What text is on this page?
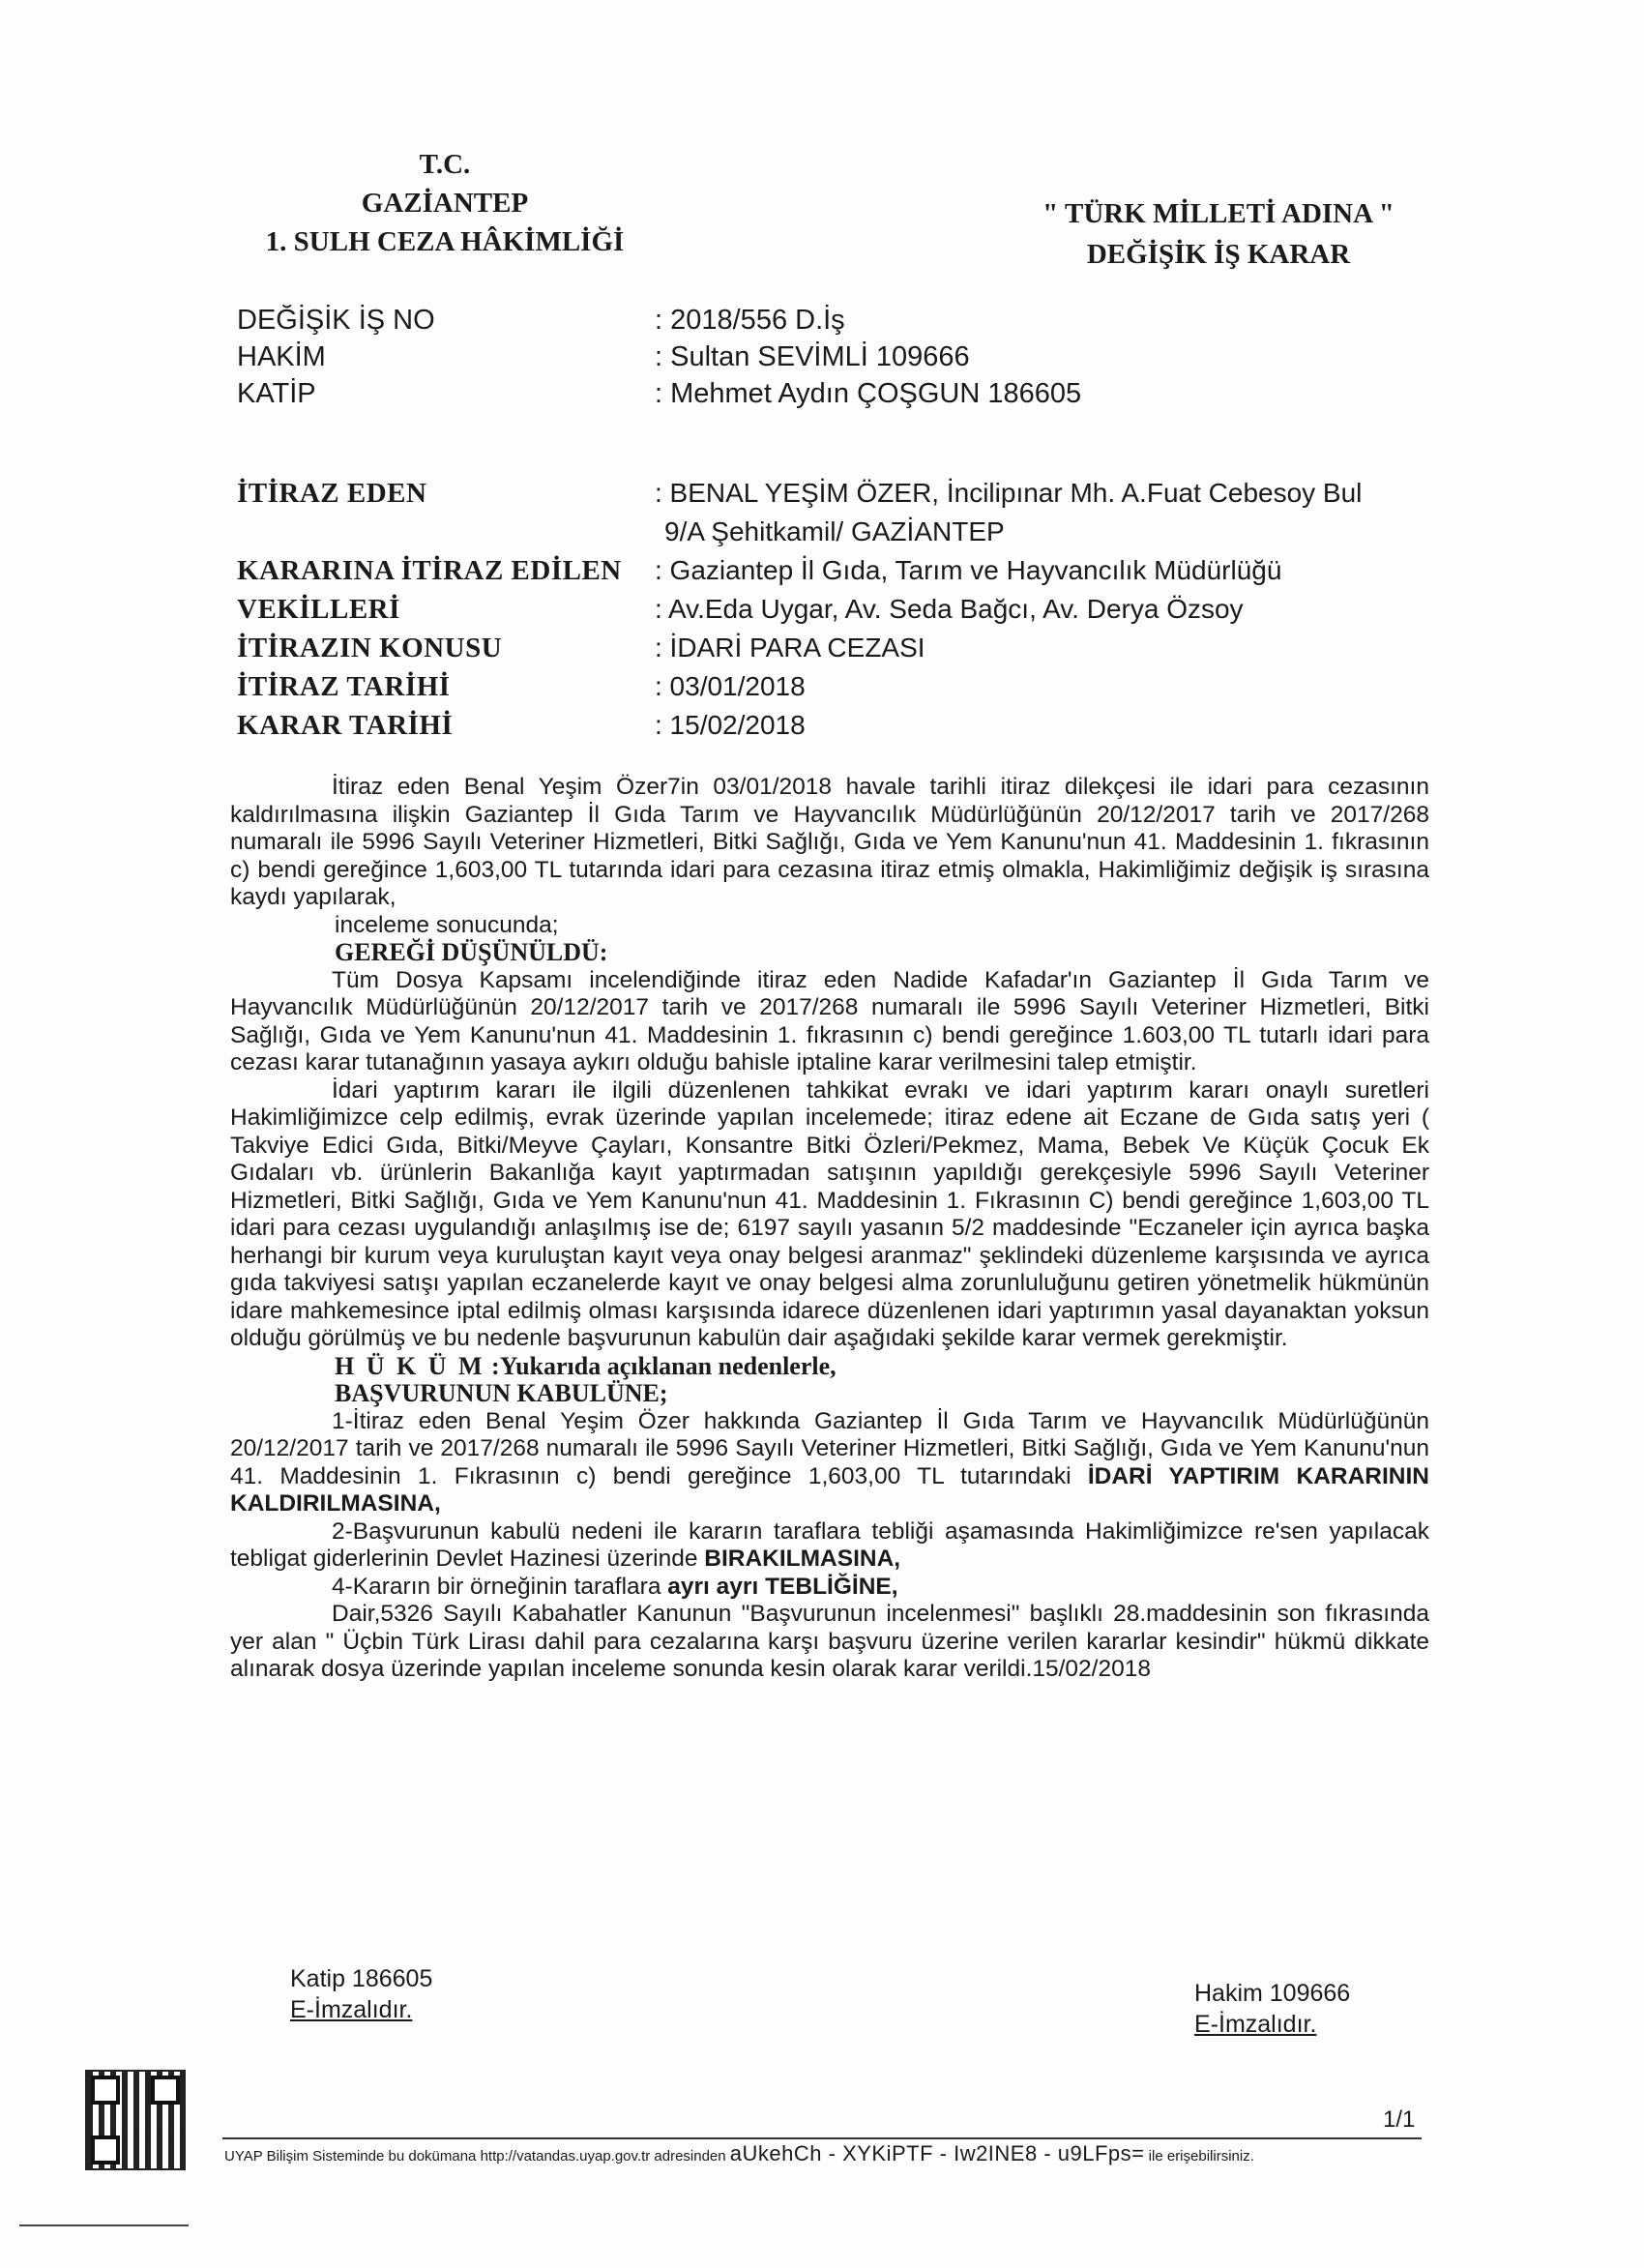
T.C.
GAZİANTEP
1. SULH CEZA HÂKİMLİĞİ
" TÜRK MİLLETİ ADINA "
DEĞİŞİK İŞ KARAR
DEĞİŞİK İŞ NO	: 2018/556 D.İş
HAKİM	: Sultan SEVİMLİ 109666
KATİP	: Mehmet Aydın ÇOŞGUN 186605
İTİRAZ EDEN	: BENAL YEŞİM ÖZER, İncilipınar Mh. A.Fuat Cebesoy Bul
9/A Şehitkamil/ GAZİANTEP
KARARINA İTİRAZ EDİLEN	: Gaziantep İl Gıda, Tarım ve Hayvancılık Müdürlüğü
VEKİLLERİ	: Av.Eda Uygar, Av. Seda Bağcı, Av. Derya Özsoy
İTİRAZIN KONUSU	: İDARİ PARA CEZASI
İTİRAZ TARİHİ	: 03/01/2018
KARAR TARİHİ	: 15/02/2018

İtiraz eden Benal Yeşim Özer7in 03/01/2018 havale tarihli itiraz dilekçesi ile idari para cezasının kaldırılmasına ilişkin Gaziantep İl Gıda Tarım ve Hayvancılık Müdürlüğünün 20/12/2017 tarih ve 2017/268 numaralı ile 5996 Sayılı Veteriner Hizmetleri, Bitki Sağlığı, Gıda ve Yem Kanunu'nun 41. Maddesinin 1. fıkrasının c) bendi gereğince 1,603,00 TL tutarında idari para cezasına itiraz etmiş olmakla, Hakimliğimiz değişik iş sırasına kaydı yapılarak,

inceleme sonucunda;

GEREĞİ DÜŞÜNÜLDÜ:

Tüm Dosya Kapsamı incelendiğinde itiraz eden Nadide Kafadar'ın Gaziantep İl Gıda Tarım ve Hayvancılık Müdürlüğünün 20/12/2017 tarih ve 2017/268 numaralı ile 5996 Sayılı Veteriner Hizmetleri, Bitki Sağlığı, Gıda ve Yem Kanunu'nun 41. Maddesinin 1. fıkrasının c) bendi gereğince 1.603,00 TL tutarlı idari para cezası karar tutanağının yasaya aykırı olduğu bahisle iptaline karar verilmesini talep etmiştir.

İdari yaptırım kararı ile ilgili düzenlenen tahkikat evrakı ve idari yaptırım kararı onaylı suretleri Hakimliğimizce celp edilmiş, evrak üzerinde yapılan incelemede; itiraz edene ait Eczane de Gıda satış yeri ( Takviye Edici Gıda, Bitki/Meyve Çayları, Konsantre Bitki Özleri/Pekmez, Mama, Bebek Ve Küçük Çocuk Ek Gıdaları vb. ürünlerin Bakanlığa kayıt yaptırmadan satışının yapıldığı gerekçesiyle 5996 Sayılı Veteriner Hizmetleri, Bitki Sağlığı, Gıda ve Yem Kanunu'nun 41. Maddesinin 1. Fıkrasının C) bendi gereğince 1,603,00 TL idari para cezası uygulandığı anlaşılmış ise de; 6197 sayılı yasanın 5/2 maddesinde "Eczaneler için ayrıca başka herhangi bir kurum veya kuruluştan kayıt veya onay belgesi aranmaz" şeklindeki düzenleme karşısında ve ayrıca gıda takviyesi satışı yapılan eczanelerde kayıt ve onay belgesi alma zorunluluğunu getiren yönetmelik hükmünün idare mahkemesince iptal edilmiş olması karşısında idarece düzenlenen idari yaptırımın yasal dayanaktan yoksun olduğu görülmüş ve bu nedenle başvurunun kabulün dair aşağıdaki şekilde karar vermek gerekmiştir.

H Ü K Ü M :Yukarıda açıklanan nedenlerle,

BAŞVURUNUN KABULÜNE;

1-İtiraz eden Benal Yeşim Özer hakkında Gaziantep İl Gıda Tarım ve Hayvancılık Müdürlüğünün 20/12/2017 tarih ve 2017/268 numaralı ile 5996 Sayılı Veteriner Hizmetleri, Bitki Sağlığı, Gıda ve Yem Kanunu'nun 41. Maddesinin 1. Fıkrasının c) bendi gereğince 1,603,00 TL tutarındaki İDARİ YAPTIRIM KARARININ KALDIRILMASINA,

2-Başvurunun kabulü nedeni ile kararın taraflara tebliği aşamasında Hakimliğimizce re'sen yapılacak tebligat giderlerinin Devlet Hazinesi üzerinde BIRAKILMASINA,

4-Kararın bir örneğinin taraflara ayrı ayrı TEBLİĞİNE,

Dair,5326 Sayılı Kabahatler Kanunun "Başvurunun incelenmesi" başlıklı 28.maddesinin son fıkrasında yer alan " Üçbin Türk Lirası dahil para cezalarına karşı başvuru üzerine verilen kararlar kesindir" hükmü dikkate alınarak dosya üzerinde yapılan inceleme sonunda kesin olarak karar verildi.15/02/2018

Katip 186605
E-İmzalıdır.
Hakim 109666
E-İmzalıdır.
1/1
UYAP Bilişim Sisteminde bu dokümana http://vatandas.uyap.gov.tr adresinden aUkehCh - XYKiPTF - Iw2INE8 - u9LFps= ile erişebilirsiniz.
